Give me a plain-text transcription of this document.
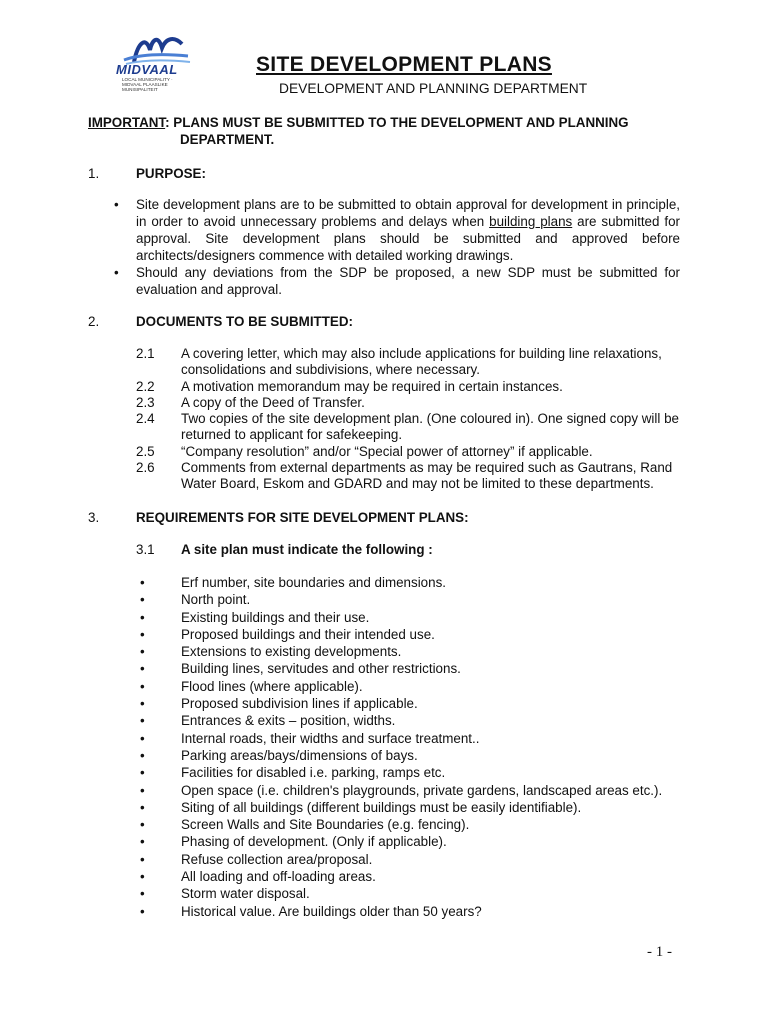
MIDVAAL
LOCAL MUNICIPALITY · MIDVAAL PLAASLIKE MUNISIPALITEIT
SITE DEVELOPMENT PLANS
DEVELOPMENT AND PLANNING DEPARTMENT
IMPORTANT: PLANS MUST BE SUBMITTED TO THE DEVELOPMENT AND PLANNING
DEPARTMENT.
1.	PURPOSE:
• Site development plans are to be submitted to obtain approval for development in principle, in order to avoid unnecessary problems and delays when building plans are submitted for approval. Site development plans should be submitted and approved before architects/designers commence with detailed working drawings.
• Should any deviations from the SDP be proposed, a new SDP must be submitted for evaluation and approval.
2.	DOCUMENTS TO BE SUBMITTED:
2.1 A covering letter, which may also include applications for building line relaxations, consolidations and subdivisions, where necessary.
2.2 A motivation memorandum may be required in certain instances.
2.3 A copy of the Deed of Transfer.
2.4 Two copies of the site development plan. (One coloured in). One signed copy will be returned to applicant for safekeeping.
2.5 “Company resolution” and/or “Special power of attorney” if applicable.
2.6 Comments from external departments as may be required such as Gautrans, Rand Water Board, Eskom and GDARD and may not be limited to these departments.
3.	REQUIREMENTS FOR SITE DEVELOPMENT PLANS:
3.1 A site plan must indicate the following :
• Erf number, site boundaries and dimensions.
• North point.
• Existing buildings and their use.
• Proposed buildings and their intended use.
• Extensions to existing developments.
• Building lines, servitudes and other restrictions.
• Flood lines (where applicable).
• Proposed subdivision lines if applicable.
• Entrances & exits – position, widths.
• Internal roads, their widths and surface treatment..
• Parking areas/bays/dimensions of bays.
• Facilities for disabled i.e. parking, ramps etc.
• Open space (i.e. children's playgrounds, private gardens, landscaped areas etc.).
• Siting of all buildings (different buildings must be easily identifiable).
• Screen Walls and Site Boundaries (e.g. fencing).
• Phasing of development. (Only if applicable).
• Refuse collection area/proposal.
• All loading and off-loading areas.
• Storm water disposal.
• Historical value. Are buildings older than 50 years?
- 1 -
